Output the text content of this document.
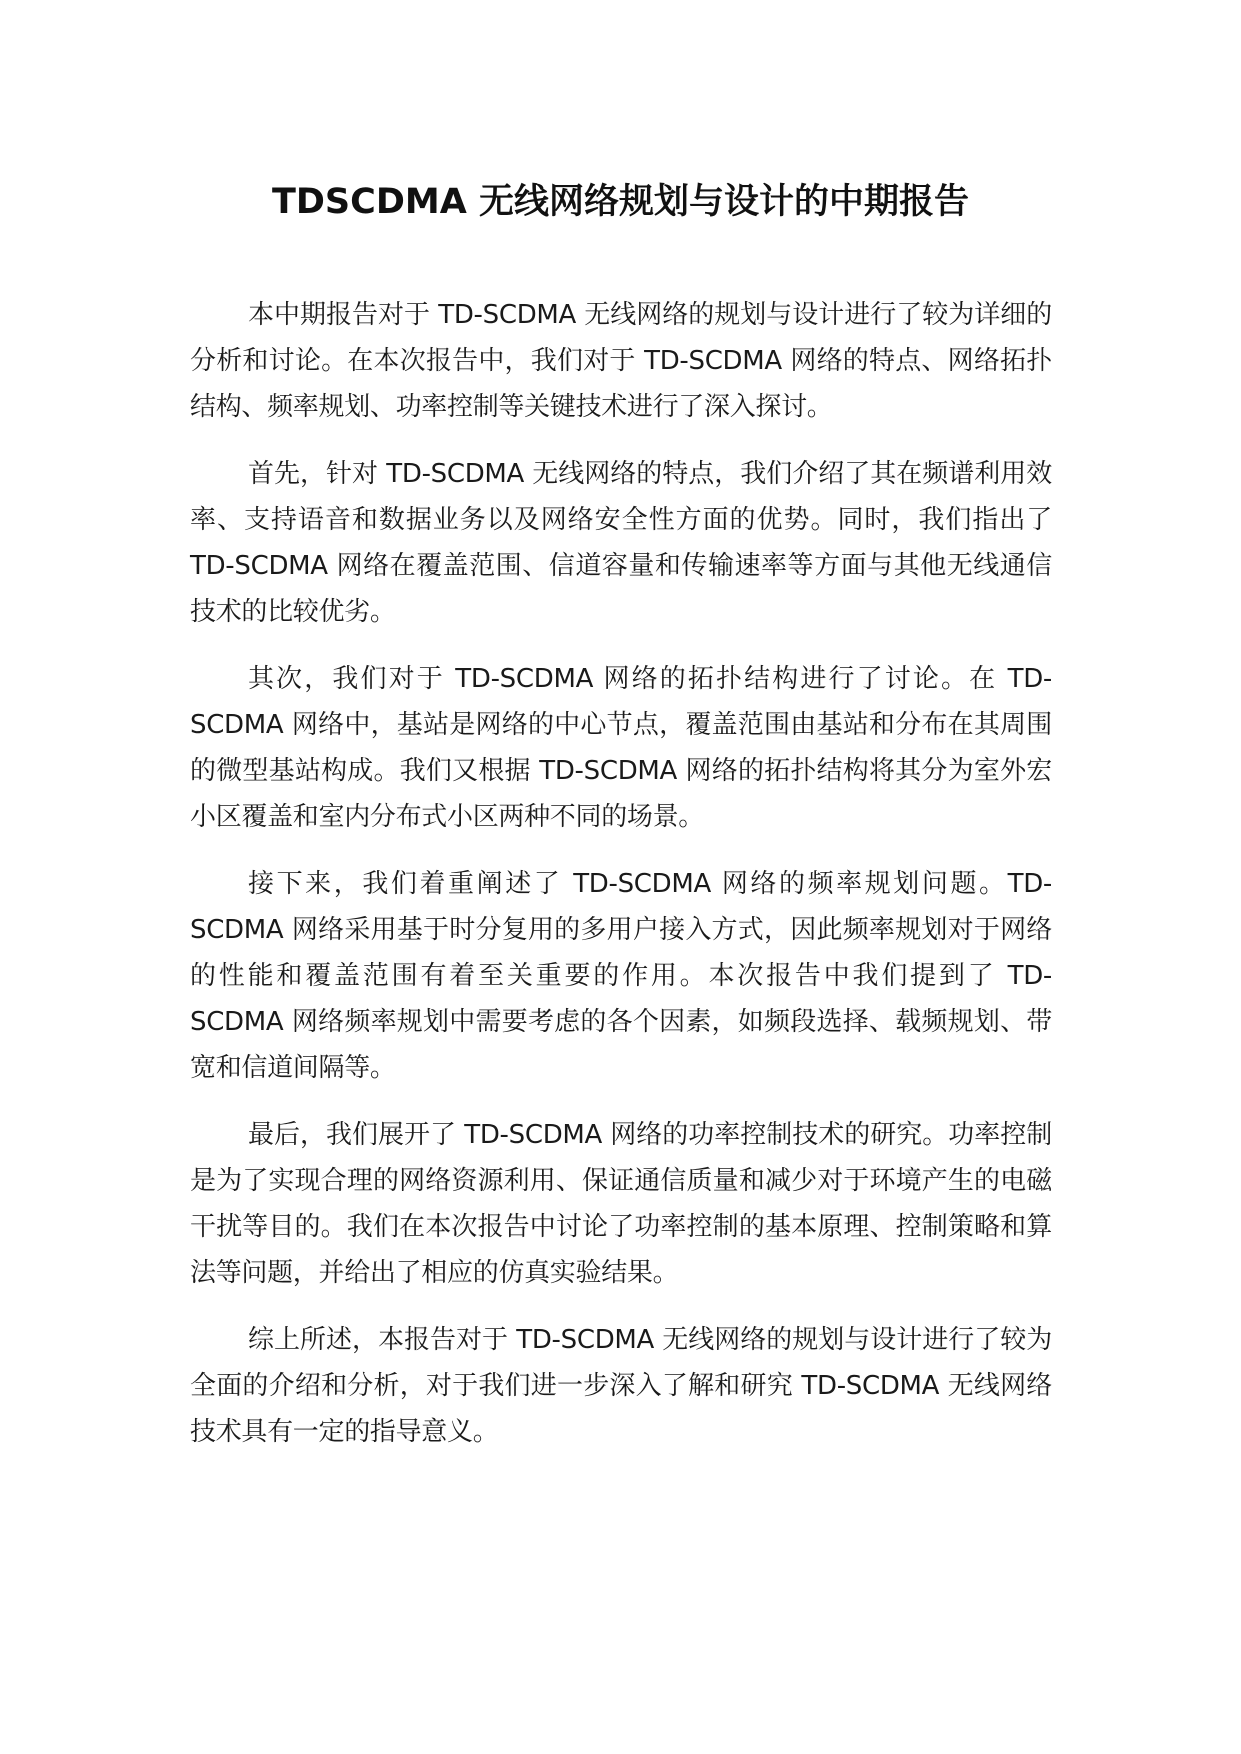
TDSCDMA 无线网络规划与设计的中期报告

本中期报告对于 TD-SCDMA 无线网络的规划与设计进行了较为详细的分析和讨论。在本次报告中，我们对于 TD-SCDMA 网络的特点、网络拓扑结构、频率规划、功率控制等关键技术进行了深入探讨。

首先，针对 TD-SCDMA 无线网络的特点，我们介绍了其在频谱利用效率、支持语音和数据业务以及网络安全性方面的优势。同时，我们指出了 TD-SCDMA 网络在覆盖范围、信道容量和传输速率等方面与其他无线通信技术的比较优劣。

其次，我们对于 TD-SCDMA 网络的拓扑结构进行了讨论。在 TD-SCDMA 网络中，基站是网络的中心节点，覆盖范围由基站和分布在其周围的微型基站构成。我们又根据 TD-SCDMA 网络的拓扑结构将其分为室外宏小区覆盖和室内分布式小区两种不同的场景。

接下来，我们着重阐述了 TD-SCDMA 网络的频率规划问题。TD-SCDMA 网络采用基于时分复用的多用户接入方式，因此频率规划对于网络的性能和覆盖范围有着至关重要的作用。本次报告中我们提到了 TD-SCDMA 网络频率规划中需要考虑的各个因素，如频段选择、载频规划、带宽和信道间隔等。

最后，我们展开了 TD-SCDMA 网络的功率控制技术的研究。功率控制是为了实现合理的网络资源利用、保证通信质量和减少对于环境产生的电磁干扰等目的。我们在本次报告中讨论了功率控制的基本原理、控制策略和算法等问题，并给出了相应的仿真实验结果。

综上所述，本报告对于 TD-SCDMA 无线网络的规划与设计进行了较为全面的介绍和分析，对于我们进一步深入了解和研究 TD-SCDMA 无线网络技术具有一定的指导意义。
